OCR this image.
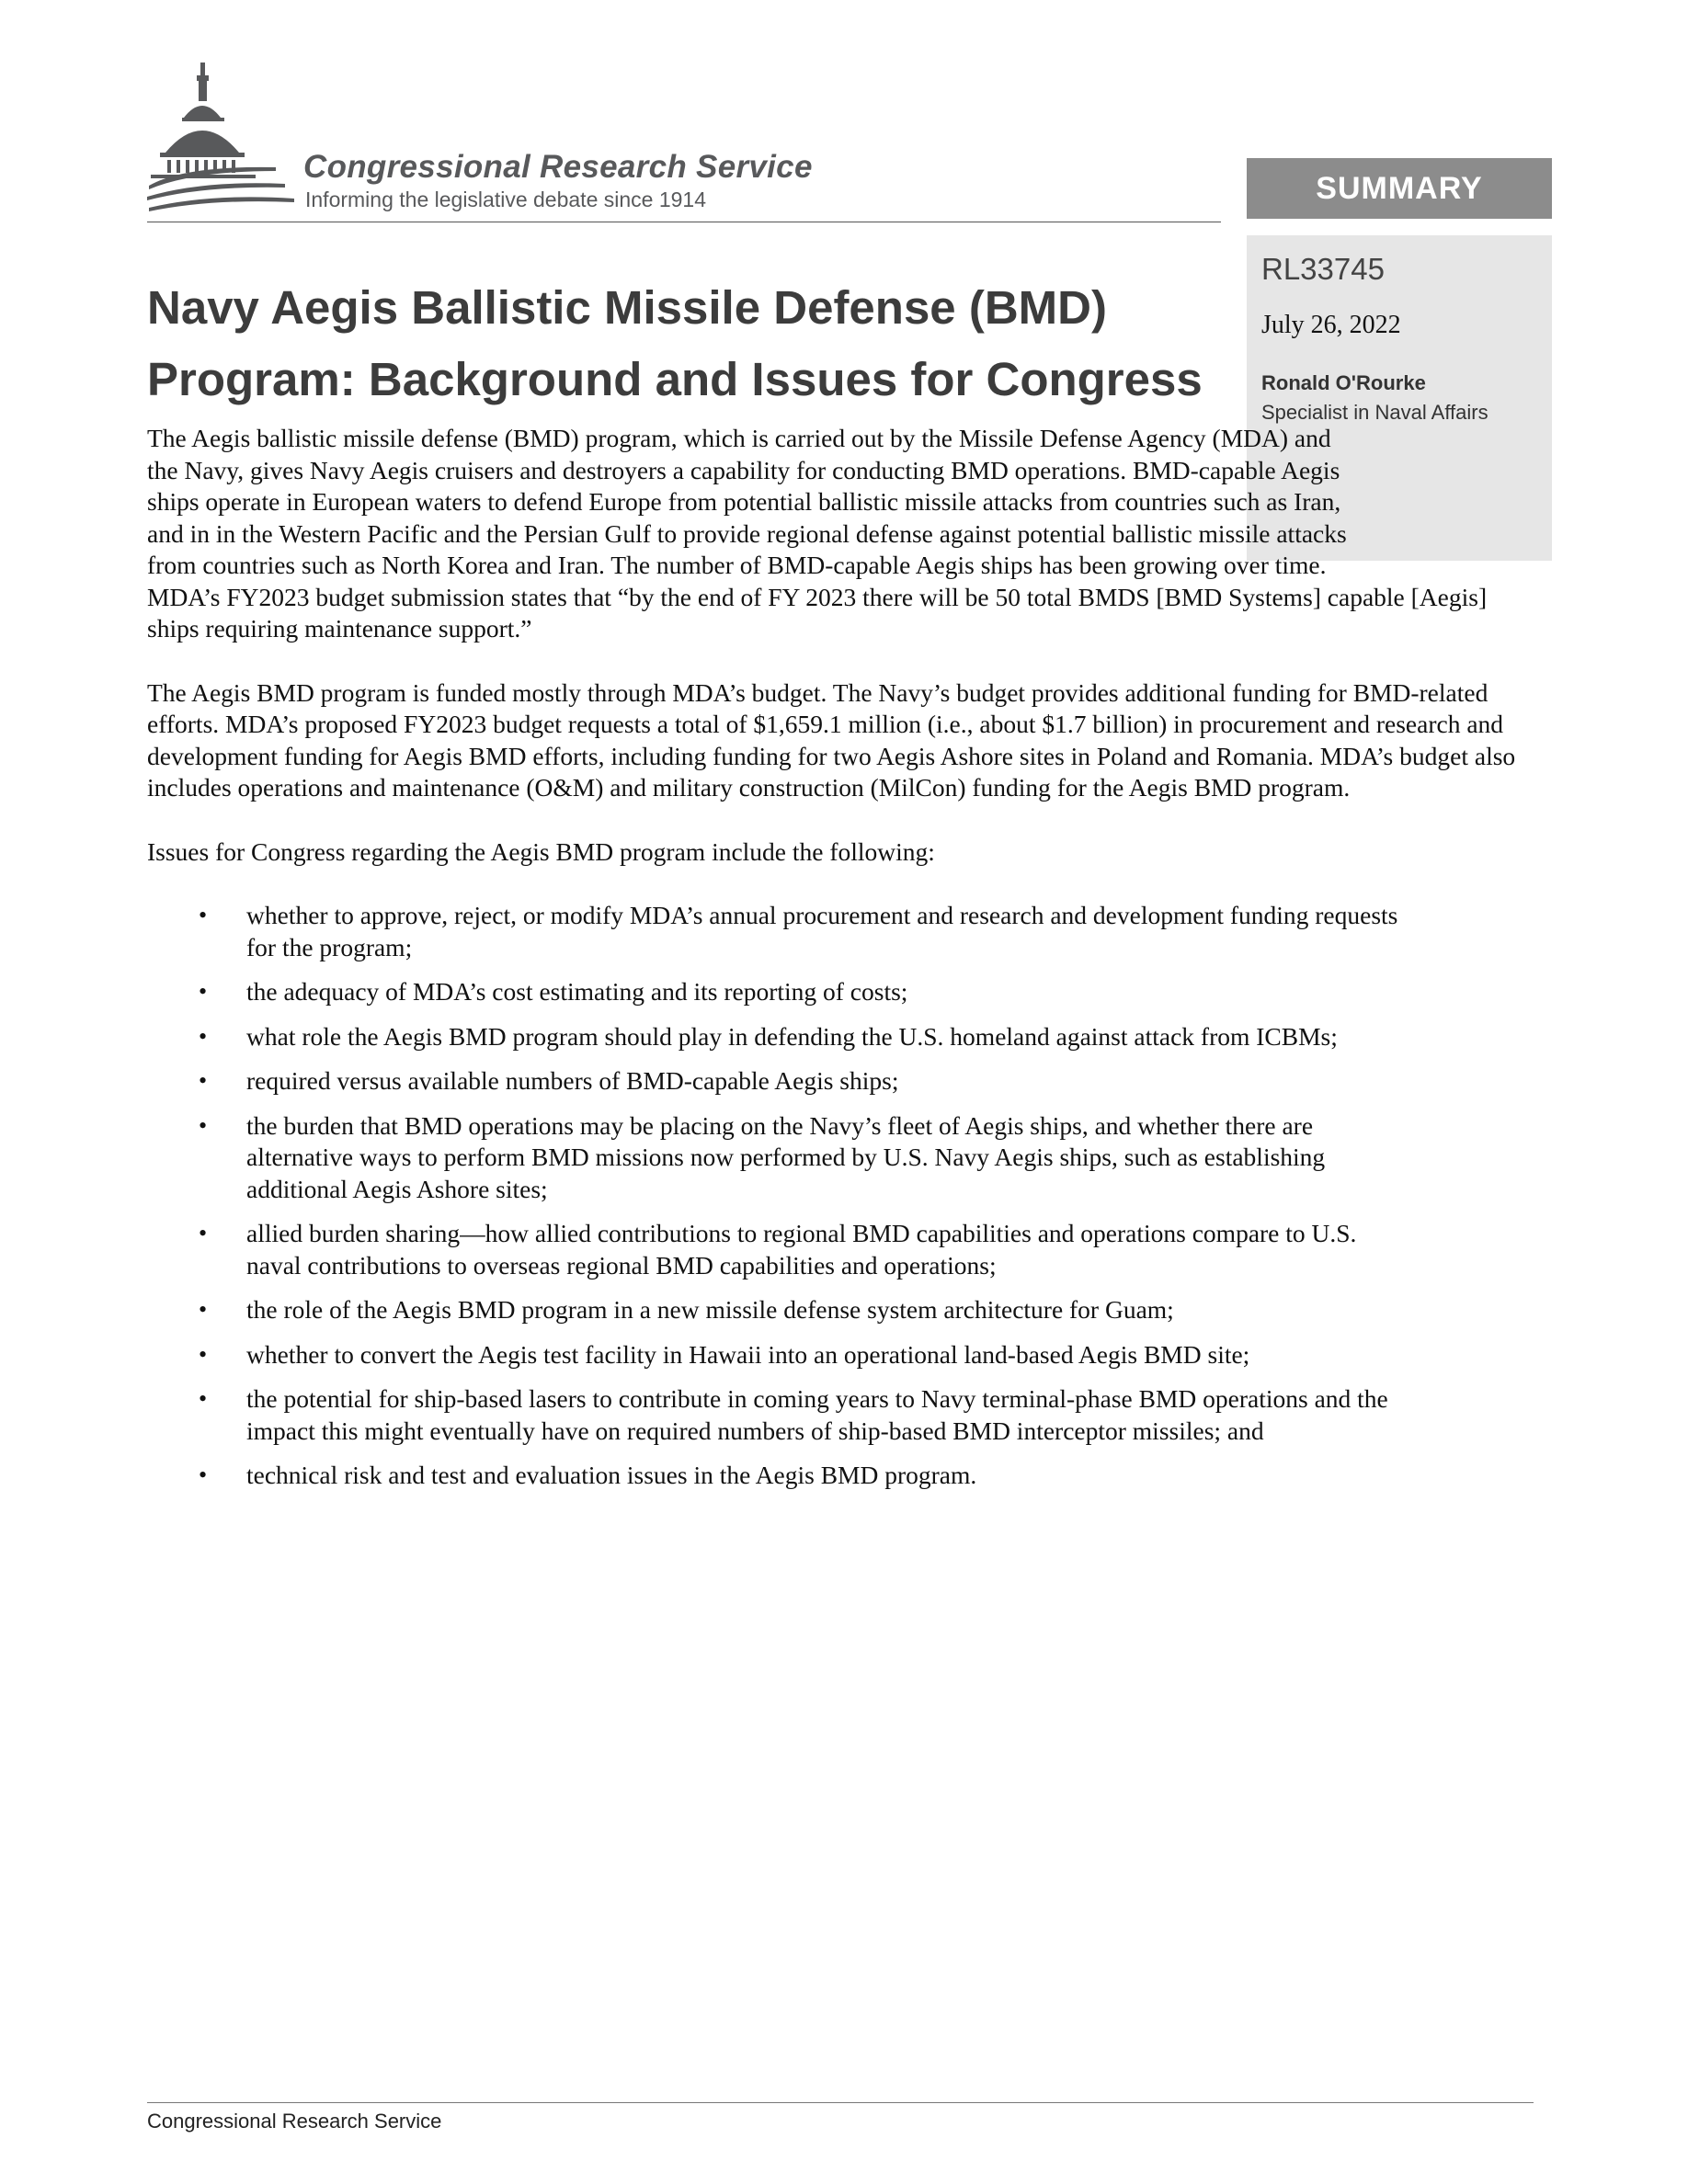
Congressional Research Service

Informing the legislative debate since 1914	SUMMARY

RL33745

July 26, 2022
Ronald O'Rourke
Specialist in Naval Affairs
Navy Aegis Ballistic Missile Defense (BMD) Program: Background and Issues for Congress

The Aegis ballistic missile defense (BMD) program, which is carried out by the Missile Defense Agency (MDA) and the Navy, gives Navy Aegis cruisers and destroyers a capability for conducting BMD operations. BMD-capable Aegis ships operate in European waters to defend Europe from potential ballistic missile attacks from countries such as Iran, and in in the Western Pacific and the Persian Gulf to provide regional defense against potential ballistic missile attacks from countries such as North Korea and Iran. The number of BMD-capable Aegis ships has been growing over time. MDA’s FY2023 budget submission states that “by the end of FY 2023 there will be 50 total BMDS [BMD Systems] capable [Aegis] ships requiring maintenance support.”

The Aegis BMD program is funded mostly through MDA’s budget. The Navy’s budget provides additional funding for BMD-related efforts. MDA’s proposed FY2023 budget requests a total of $1,659.1 million (i.e., about $1.7 billion) in procurement and research and development funding for Aegis BMD efforts, including funding for two Aegis Ashore sites in Poland and Romania. MDA’s budget also includes operations and maintenance (O&M) and military construction (MilCon) funding for the Aegis BMD program.

Issues for Congress regarding the Aegis BMD program include the following:

• whether to approve, reject, or modify MDA’s annual procurement and research and development funding requests for the program;
• the adequacy of MDA’s cost estimating and its reporting of costs;
• what role the Aegis BMD program should play in defending the U.S. homeland against attack from ICBMs;
• required versus available numbers of BMD-capable Aegis ships;
• the burden that BMD operations may be placing on the Navy’s fleet of Aegis ships, and whether there are alternative ways to perform BMD missions now performed by U.S. Navy Aegis ships, such as establishing additional Aegis Ashore sites;
• allied burden sharing—how allied contributions to regional BMD capabilities and operations compare to U.S. naval contributions to overseas regional BMD capabilities and operations;
• the role of the Aegis BMD program in a new missile defense system architecture for Guam;
• whether to convert the Aegis test facility in Hawaii into an operational land-based Aegis BMD site;
• the potential for ship-based lasers to contribute in coming years to Navy terminal-phase BMD operations and the impact this might eventually have on required numbers of ship-based BMD interceptor missiles; and
• technical risk and test and evaluation issues in the Aegis BMD program.

Congressional Research Service
